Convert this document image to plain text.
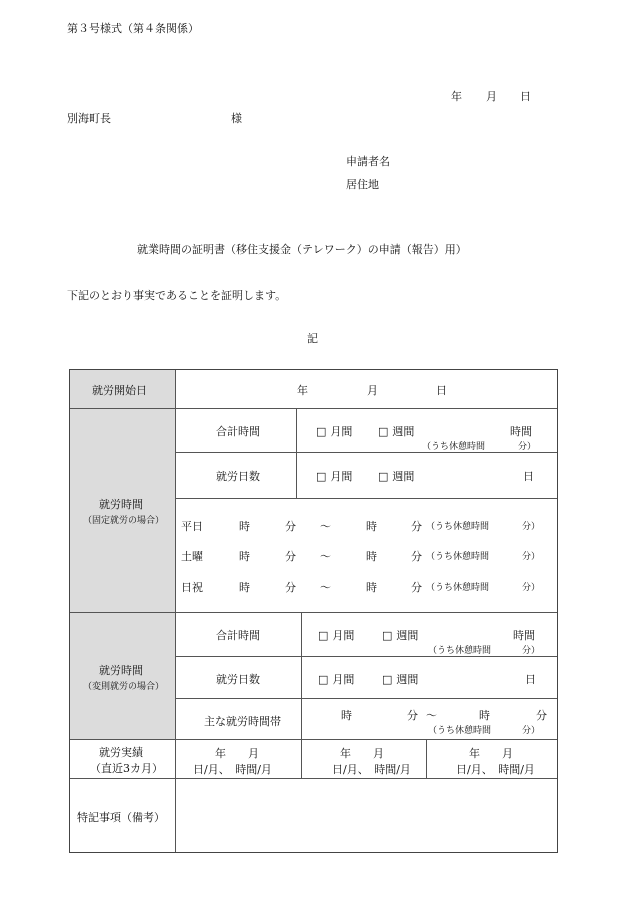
第３号様式（第４条関係）
年 月 日
別海町長	様
申請者名
居住地
就業時間の証明書（移住支援金（テレワーク）の申請（報告）用）
下記のとおり事実であることを証明します。
記
就労開始日	年	月	日
就労時間
（固定就労の場合）
合計時間	□ 月間	□ 週間	時間
（うち休憩時間	分）
就労日数	□ 月間	□ 週間	日
平日	時	分 〜	時	分 （うち休憩時間	分）
土曜	時	分 〜	時	分 （うち休憩時間	分）
日祝	時	分 〜	時	分 （うち休憩時間	分）
就労時間
（変則就労の場合）
合計時間	□ 月間	□ 週間	時間
（うち休憩時間	分）
就労日数	□ 月間	□ 週間	日
主な就労時間帯	時	分 〜	時	分
（うち休憩時間	分）
就労実績
（直近3カ月）
年　　月
日/月、　時間/月
年　　月
日/月、　時間/月
年　　月
日/月、　時間/月
特記事項（備考）
